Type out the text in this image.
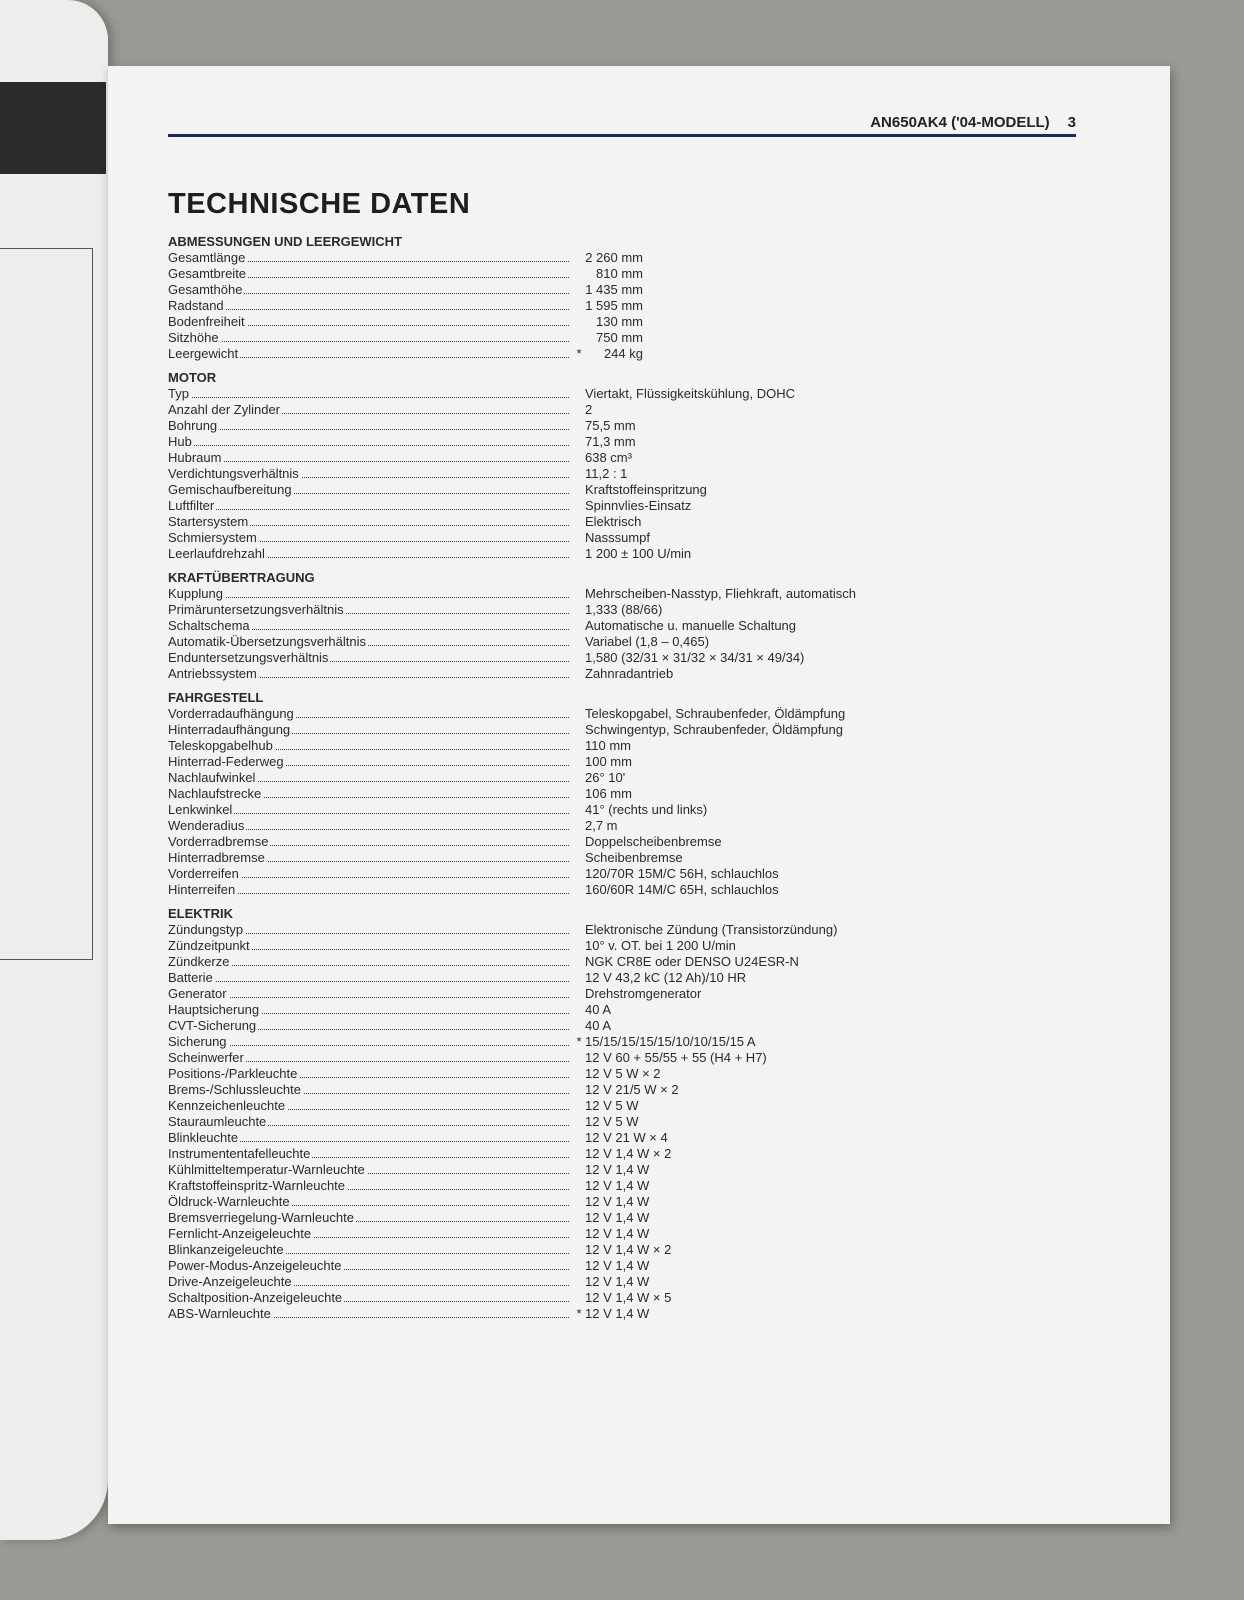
AN650AK4 ('04-MODELL) 3
TECHNISCHE DATEN
ABMESSUNGEN UND LEERGEWICHT
Gesamtlänge	2 260 mm
Gesamtbreite	810 mm
Gesamthöhe	1 435 mm
Radstand	1 595 mm
Bodenfreiheit	130 mm
Sitzhöhe	750 mm
Leergewicht	*	244 kg
MOTOR
Typ	Viertakt, Flüssigkeitskühlung, DOHC
Anzahl der Zylinder	2
Bohrung	75,5 mm
Hub	71,3 mm
Hubraum	638 cm³
Verdichtungsverhältnis	11,2 : 1
Gemischaufbereitung	Kraftstoffeinspritzung
Luftfilter	Spinnvlies-Einsatz
Startersystem	Elektrisch
Schmiersystem	Nasssumpf
Leerlaufdrehzahl	1 200 ± 100 U/min
KRAFTÜBERTRAGUNG
Kupplung	Mehrscheiben-Nasstyp, Fliehkraft, automatisch
Primäruntersetzungsverhältnis	1,333 (88/66)
Schaltschema	Automatische u. manuelle Schaltung
Automatik-Übersetzungsverhältnis	Variabel (1,8 – 0,465)
Enduntersetzungsverhältnis	1,580 (32/31 × 31/32 × 34/31 × 49/34)
Antriebssystem	Zahnradantrieb
FAHRGESTELL
Vorderradaufhängung	Teleskopgabel, Schraubenfeder, Öldämpfung
Hinterradaufhängung	Schwingentyp, Schraubenfeder, Öldämpfung
Teleskopgabelhub	110 mm
Hinterrad-Federweg	100 mm
Nachlaufwinkel	26° 10'
Nachlaufstrecke	106 mm
Lenkwinkel	41° (rechts und links)
Wenderadius	2,7 m
Vorderradbremse	Doppelscheibenbremse
Hinterradbremse	Scheibenbremse
Vorderreifen	120/70R 15M/C 56H, schlauchlos
Hinterreifen	160/60R 14M/C 65H, schlauchlos
ELEKTRIK
Zündungstyp	Elektronische Zündung (Transistorzündung)
Zündzeitpunkt	10° v. OT. bei 1 200 U/min
Zündkerze	NGK CR8E oder DENSO U24ESR-N
Batterie	12 V 43,2 kC (12 Ah)/10 HR
Generator	Drehstromgenerator
Hauptsicherung	40 A
CVT-Sicherung	40 A
Sicherung	* 15/15/15/15/15/10/10/15/15 A
Scheinwerfer	12 V 60 + 55/55 + 55 (H4 + H7)
Positions-/Parkleuchte	12 V 5 W × 2
Brems-/Schlussleuchte	12 V 21/5 W × 2
Kennzeichenleuchte	12 V 5 W
Stauraumleuchte	12 V 5 W
Blinkleuchte	12 V 21 W × 4
Instrumententafelleuchte	12 V 1,4 W × 2
Kühlmitteltemperatur-Warnleuchte	12 V 1,4 W
Kraftstoffeinspritz-Warnleuchte	12 V 1,4 W
Öldruck-Warnleuchte	12 V 1,4 W
Bremsverriegelung-Warnleuchte	12 V 1,4 W
Fernlicht-Anzeigeleuchte	12 V 1,4 W
Blinkanzeigeleuchte	12 V 1,4 W × 2
Power-Modus-Anzeigeleuchte	12 V 1,4 W
Drive-Anzeigeleuchte	12 V 1,4 W
Schaltposition-Anzeigeleuchte	12 V 1,4 W × 5
ABS-Warnleuchte	* 12 V 1,4 W
